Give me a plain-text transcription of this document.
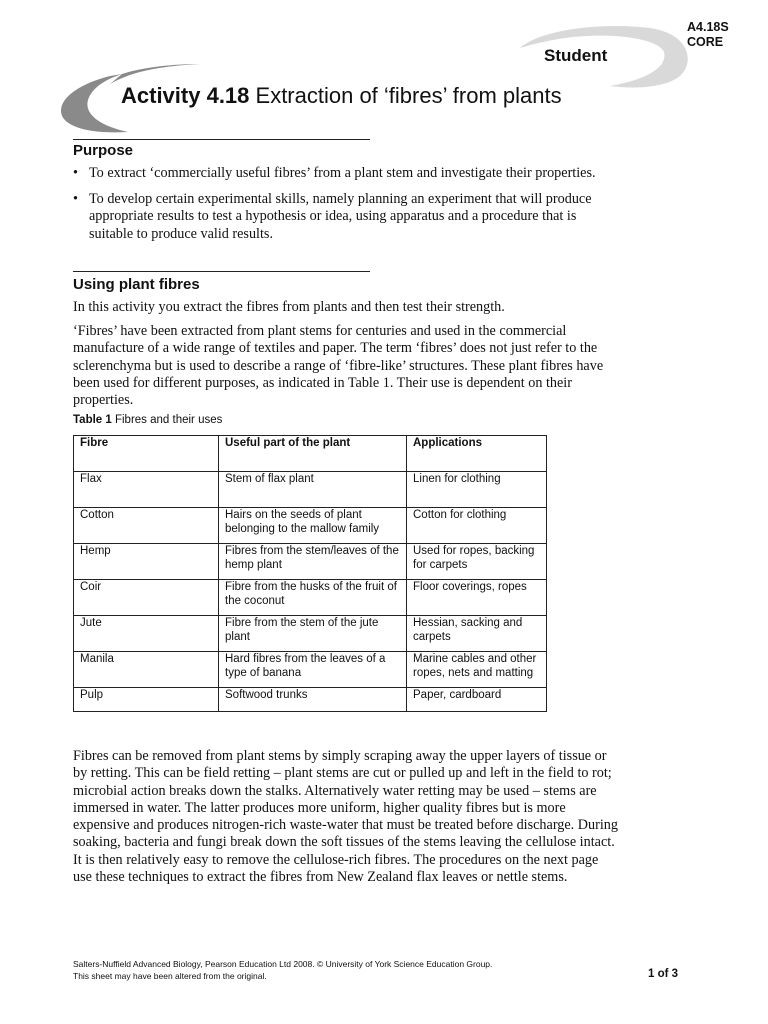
A4.18S
CORE
Student
Activity 4.18 Extraction of ‘fibres’ from plants
Purpose
• To extract ‘commercially useful fibres’ from a plant stem and investigate their properties.
• To develop certain experimental skills, namely planning an experiment that will produce appropriate results to test a hypothesis or idea, using apparatus and a procedure that is suitable to produce valid results.
Using plant fibres

In this activity you extract the fibres from plants and then test their strength.

‘Fibres’ have been extracted from plant stems for centuries and used in the commercial manufacture of a wide range of textiles and paper. The term ‘fibres’ does not just refer to the sclerenchyma but is used to describe a range of ‘fibre-like’ structures. These plant fibres have been used for different purposes, as indicated in Table 1. Their use is dependent on their properties.

Table 1 Fibres and their uses
Fibre	Useful part of the plant	Applications
Flax	Stem of flax plant	Linen for clothing
Cotton	Hairs on the seeds of plant belonging to the mallow family	Cotton for clothing
Hemp	Fibres from the stem/leaves of the hemp plant	Used for ropes, backing for carpets
Coir	Fibre from the husks of the fruit of the coconut	Floor coverings, ropes
Jute	Fibre from the stem of the jute plant	Hessian, sacking and carpets
Manila	Hard fibres from the leaves of a type of banana	Marine cables and other ropes, nets and matting
Pulp	Softwood trunks	Paper, cardboard

Fibres can be removed from plant stems by simply scraping away the upper layers of tissue or by retting. This can be field retting – plant stems are cut or pulled up and left in the field to rot; microbial action breaks down the stalks. Alternatively water retting may be used – stems are immersed in water. The latter produces more uniform, higher quality fibres but is more expensive and produces nitrogen-rich waste-water that must be treated before discharge. During soaking, bacteria and fungi break down the soft tissues of the stems leaving the cellulose intact. It is then relatively easy to remove the cellulose-rich fibres. The procedures on the next page use these techniques to extract the fibres from New Zealand flax leaves or nettle stems.

Salters-Nuffield Advanced Biology, Pearson Education Ltd 2008. © University of York Science Education Group.
This sheet may have been altered from the original.	1 of 3
